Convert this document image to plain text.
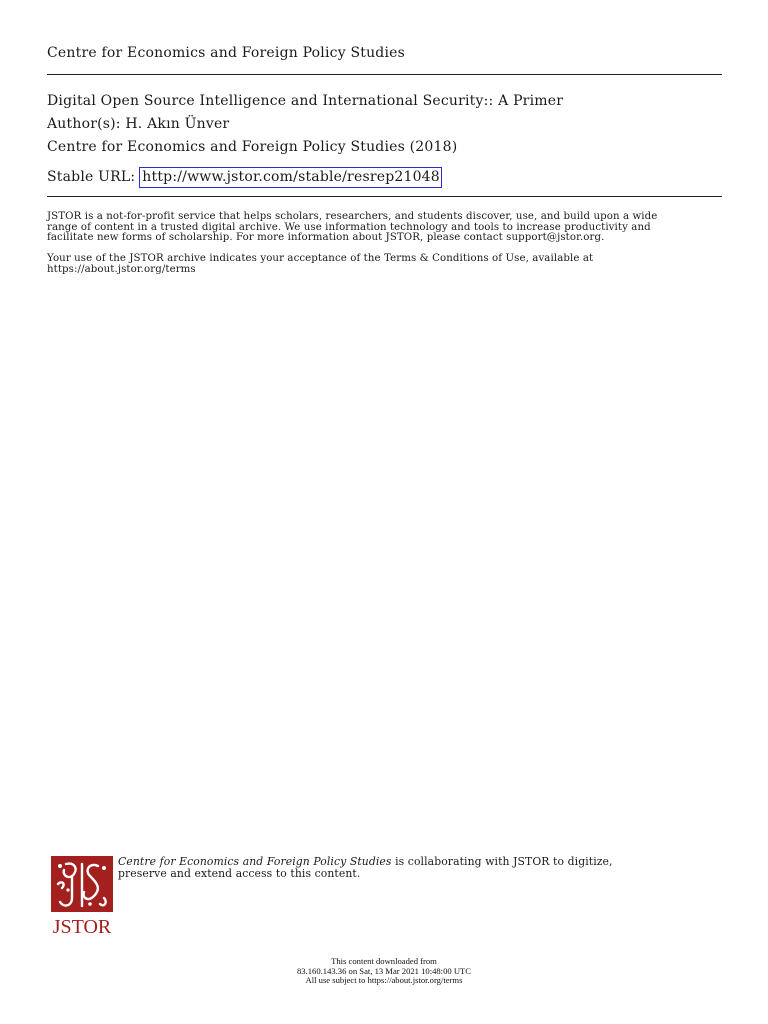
Centre for Economics and Foreign Policy Studies
Digital Open Source Intelligence and International Security:: A Primer
Author(s): H. Akın Ünver
Centre for Economics and Foreign Policy Studies (2018)
Stable URL: http://www.jstor.com/stable/resrep21048
JSTOR is a not-for-profit service that helps scholars, researchers, and students discover, use, and build upon a wide
range of content in a trusted digital archive. We use information technology and tools to increase productivity and
facilitate new forms of scholarship. For more information about JSTOR, please contact support@jstor.org.
Your use of the JSTOR archive indicates your acceptance of the Terms & Conditions of Use, available at
https://about.jstor.org/terms
JSTOR
Centre for Economics and Foreign Policy Studies is collaborating with JSTOR to digitize,
preserve and extend access to this content.
This content downloaded from
83.160.143.36 on Sat, 13 Mar 2021 10:48:00 UTC
All use subject to https://about.jstor.org/terms
